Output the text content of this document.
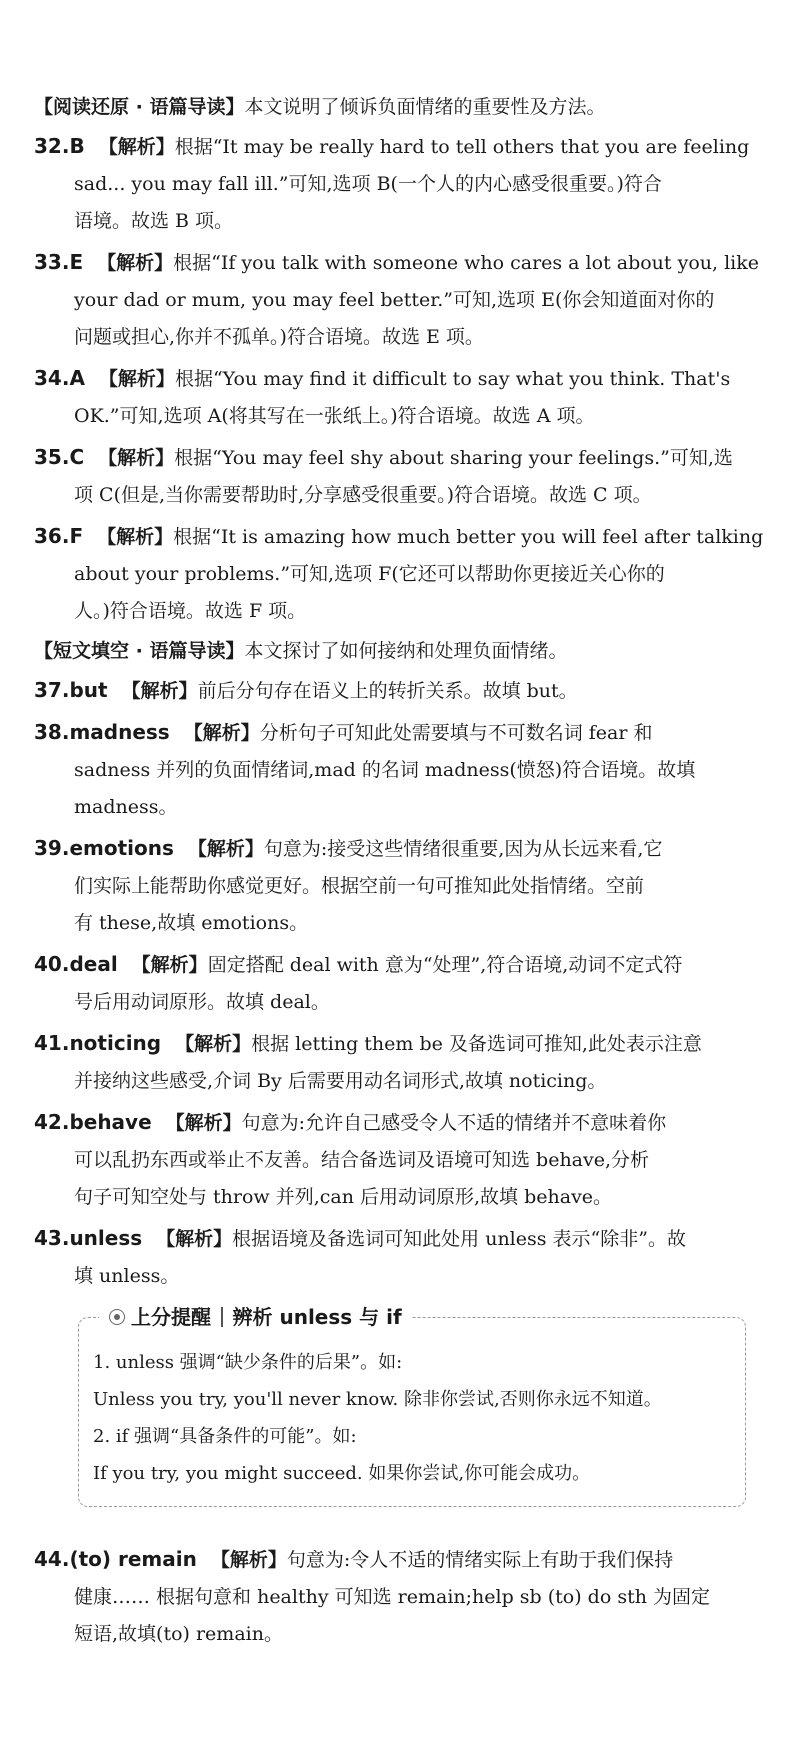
【阅读还原 · 语篇导读】本文说明了倾诉负面情绪的重要性及方法。
32.B 【解析】根据“It may be really hard to tell others that you are feeling
sad... you may fall ill.”可知,选项 B(一个人的内心感受很重要。)符合
语境。故选 B 项。
33.E 【解析】根据“If you talk with someone who cares a lot about you, like
your dad or mum, you may feel better.”可知,选项 E(你会知道面对你的
问题或担心,你并不孤单。)符合语境。故选 E 项。
34.A 【解析】根据“You may find it difficult to say what you think. That's
OK.”可知,选项 A(将其写在一张纸上。)符合语境。故选 A 项。
35.C 【解析】根据“You may feel shy about sharing your feelings.”可知,选
项 C(但是,当你需要帮助时,分享感受很重要。)符合语境。故选 C 项。
36.F 【解析】根据“It is amazing how much better you will feel after talking
about your problems.”可知,选项 F(它还可以帮助你更接近关心你的
人。)符合语境。故选 F 项。
【短文填空 · 语篇导读】本文探讨了如何接纳和处理负面情绪。
37.but 【解析】前后分句存在语义上的转折关系。故填 but。
38.madness 【解析】分析句子可知此处需要填与不可数名词 fear 和
sadness 并列的负面情绪词,mad 的名词 madness(愤怒)符合语境。故填
madness。
39.emotions 【解析】句意为:接受这些情绪很重要,因为从长远来看,它
们实际上能帮助你感觉更好。根据空前一句可推知此处指情绪。空前
有 these,故填 emotions。
40.deal 【解析】固定搭配 deal with 意为“处理”,符合语境,动词不定式符
号后用动词原形。故填 deal。
41.noticing 【解析】根据 letting them be 及备选词可推知,此处表示注意
并接纳这些感受,介词 By 后需要用动名词形式,故填 noticing。
42.behave 【解析】句意为:允许自己感受令人不适的情绪并不意味着你
可以乱扔东西或举止不友善。结合备选词及语境可知选 behave,分析
句子可知空处与 throw 并列,can 后用动词原形,故填 behave。
43.unless 【解析】根据语境及备选词可知此处用 unless 表示“除非”。故
填 unless。
上分提醒 辨析 unless 与 if
1. unless 强调“缺少条件的后果”。如:
Unless you try, you'll never know. 除非你尝试,否则你永远不知道。
2. if 强调“具备条件的可能”。如:
If you try, you might succeed. 如果你尝试,你可能会成功。
44.(to) remain 【解析】句意为:令人不适的情绪实际上有助于我们保持
健康…… 根据句意和 healthy 可知选 remain;help sb (to) do sth 为固定
短语,故填(to) remain。
